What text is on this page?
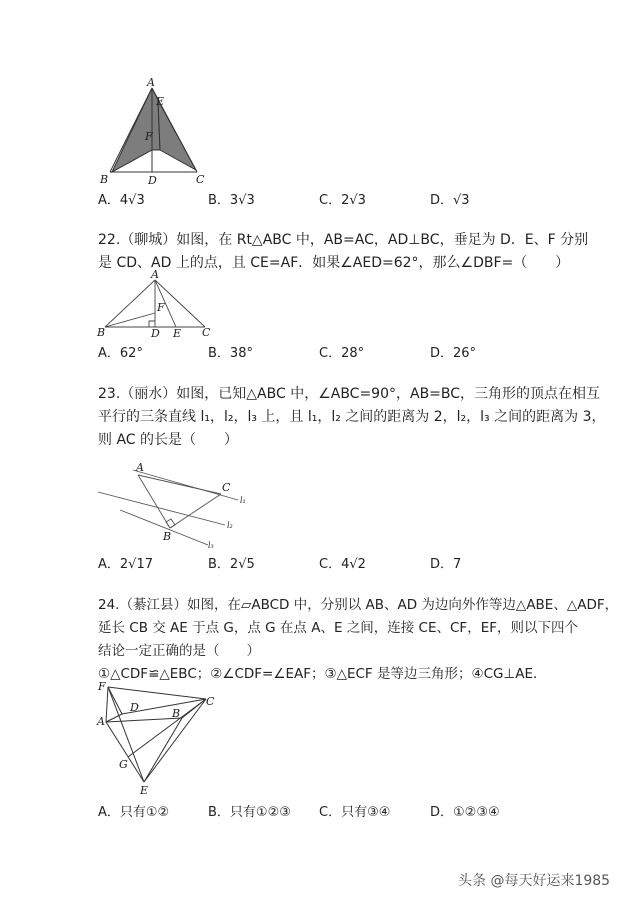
A
E
F
B	D	C
A．4√3	B．3√3	C．2√3	D．√3
22.（聊城）如图，在 Rt△ABC 中，AB=AC，AD⊥BC，垂足为 D．E、F 分别
是 CD、AD 上的点，且 CE=AF．如果∠AED=62°，那么∠DBF=（　　）
A
F
B	D E C
A．62°	B．38°	C．28°	D．26°
23.（丽水）如图，已知△ABC 中，∠ABC=90°，AB=BC，三角形的顶点在相互
平行的三条直线 l₁，l₂，l₃ 上，且 l₁，l₂ 之间的距离为 2，l₂，l₃ 之间的距离为 3，
则 AC 的长是（　　）
A
C
B
l₁
l₂
l₃
A．2√17	B．2√5	C．4√2	D．7
24.（綦江县）如图，在▱ABCD 中，分别以 AB、AD 为边向外作等边△ABE、△ADF，
延长 CB 交 AE 于点 G，点 G 在点 A、E 之间，连接 CE、CF，EF，则以下四个
结论一定正确的是（　　）
①△CDF≌△EBC；②∠CDF=∠EAF；③△ECF 是等边三角形；④CG⊥AE．
F
D	C
A
B
G
E
A．只有①②	B．只有①②③ C．只有③④	D．①②③④
头条 @每天好运来1985
